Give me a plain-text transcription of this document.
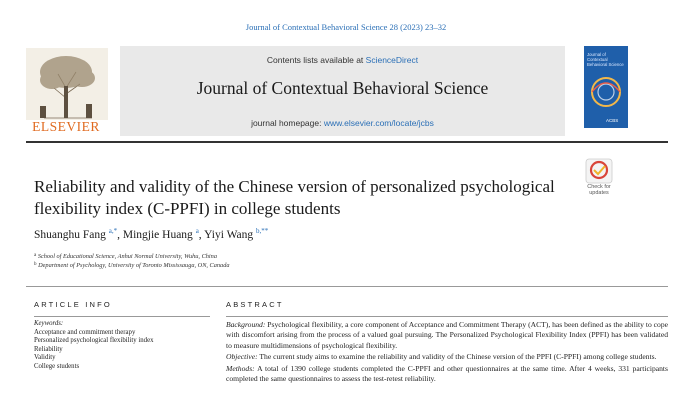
Journal of Contextual Behavioral Science 28 (2023) 23–32
ELSEVIER
Contents lists available at ScienceDirect
Journal of Contextual Behavioral Science
journal homepage: www.elsevier.com/locate/jcbs
Journal of Contextual Behavioral Science
ACBS
Check for
updates
Reliability and validity of the Chinese version of personalized psychological flexibility index (C-PPFI) in college students
Shuanghu Fang $^{a,*}$, Mingjie Huang $^a$, Yiyi Wang $^{b,**}$
$^a$ School of Educational Science, Anhui Normal University, Wuhu, China
$^b$ Department of Psychology, University of Toronto Mississauga, ON, Canada
ARTICLE INFO	ABSTRACT
Keywords:
Acceptance and commitment therapy
Personalized psychological flexibility index
Reliability
Validity
College students

Background: Psychological flexibility, a core component of Acceptance and Commitment Therapy (ACT), has been defined as the ability to cope with discomfort arising from the process of a valued goal pursuing. The Personalized Psychological Flexibility Index (PPFI) has been validated to measure multidimensions of psychological flexibility.

Objective: The current study aims to examine the reliability and validity of the Chinese version of the PPFI (C-PPFI) among college students.

Methods: A total of 1390 college students completed the C-PPFI and other questionnaires at the same time. After 4 weeks, 331 participants completed the same questionnaires to assess the test-retest reliability.
